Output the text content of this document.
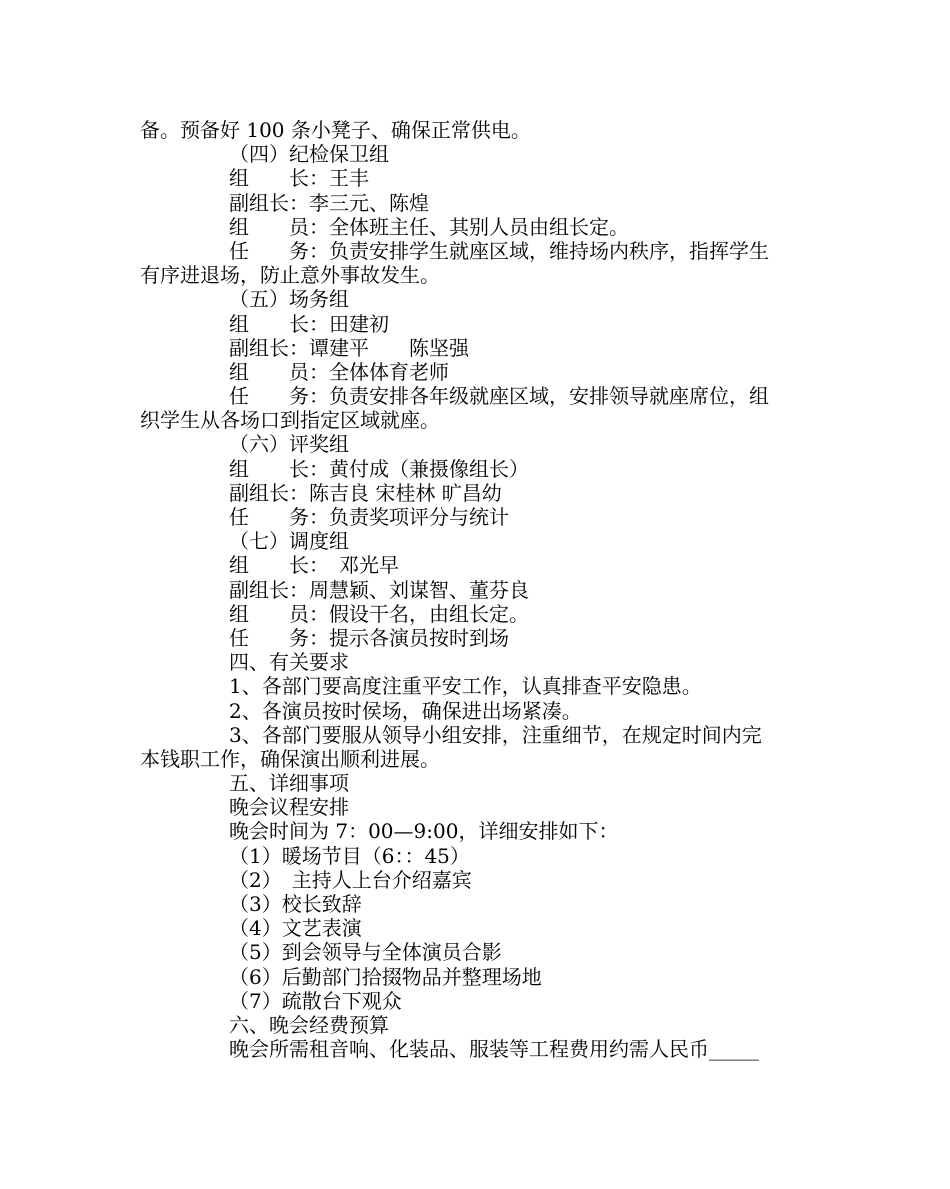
备。预备好 100 条小凳子、确保正常供电。
（四）纪检保卫组
组　　长：王丰
副组长：李三元、陈煌
组　　员：全体班主任、其别人员由组长定。
任　　务：负责安排学生就座区域，维持场内秩序，指挥学生
有序进退场，防止意外事故发生。
（五）场务组
组　　长：田建初
副组长：谭建平　　陈坚强
组　　员：全体体育老师
任　　务：负责安排各年级就座区域，安排领导就座席位，组
织学生从各场口到指定区域就座。
（六）评奖组
组　　长：黄付成（兼摄像组长）
副组长：陈吉良 宋桂林 旷昌幼
任　　务：负责奖项评分与统计
（七）调度组
组　　长：　邓光早
副组长：周慧颖、刘谋智、董芬良
组　　员：假设干名，由组长定。
任　　务：提示各演员按时到场
四、有关要求
1、各部门要高度注重平安工作，认真排查平安隐患。
2、各演员按时侯场，确保进出场紧凑。
3、各部门要服从领导小组安排，注重细节，在规定时间内完
本钱职工作，确保演出顺利进展。
五、详细事项
晚会议程安排
晚会时间为 7：00—9:00，详细安排如下：
（1）暖场节目（6：：45）
（2）　主持人上台介绍嘉宾
（3）校长致辞
（4）文艺表演
（5）到会领导与全体演员合影
（6）后勤部门拾掇物品并整理场地
（7）疏散台下观众
六、晚会经费预算
晚会所需租音响、化装品、服装等工程费用约需人民币_____
